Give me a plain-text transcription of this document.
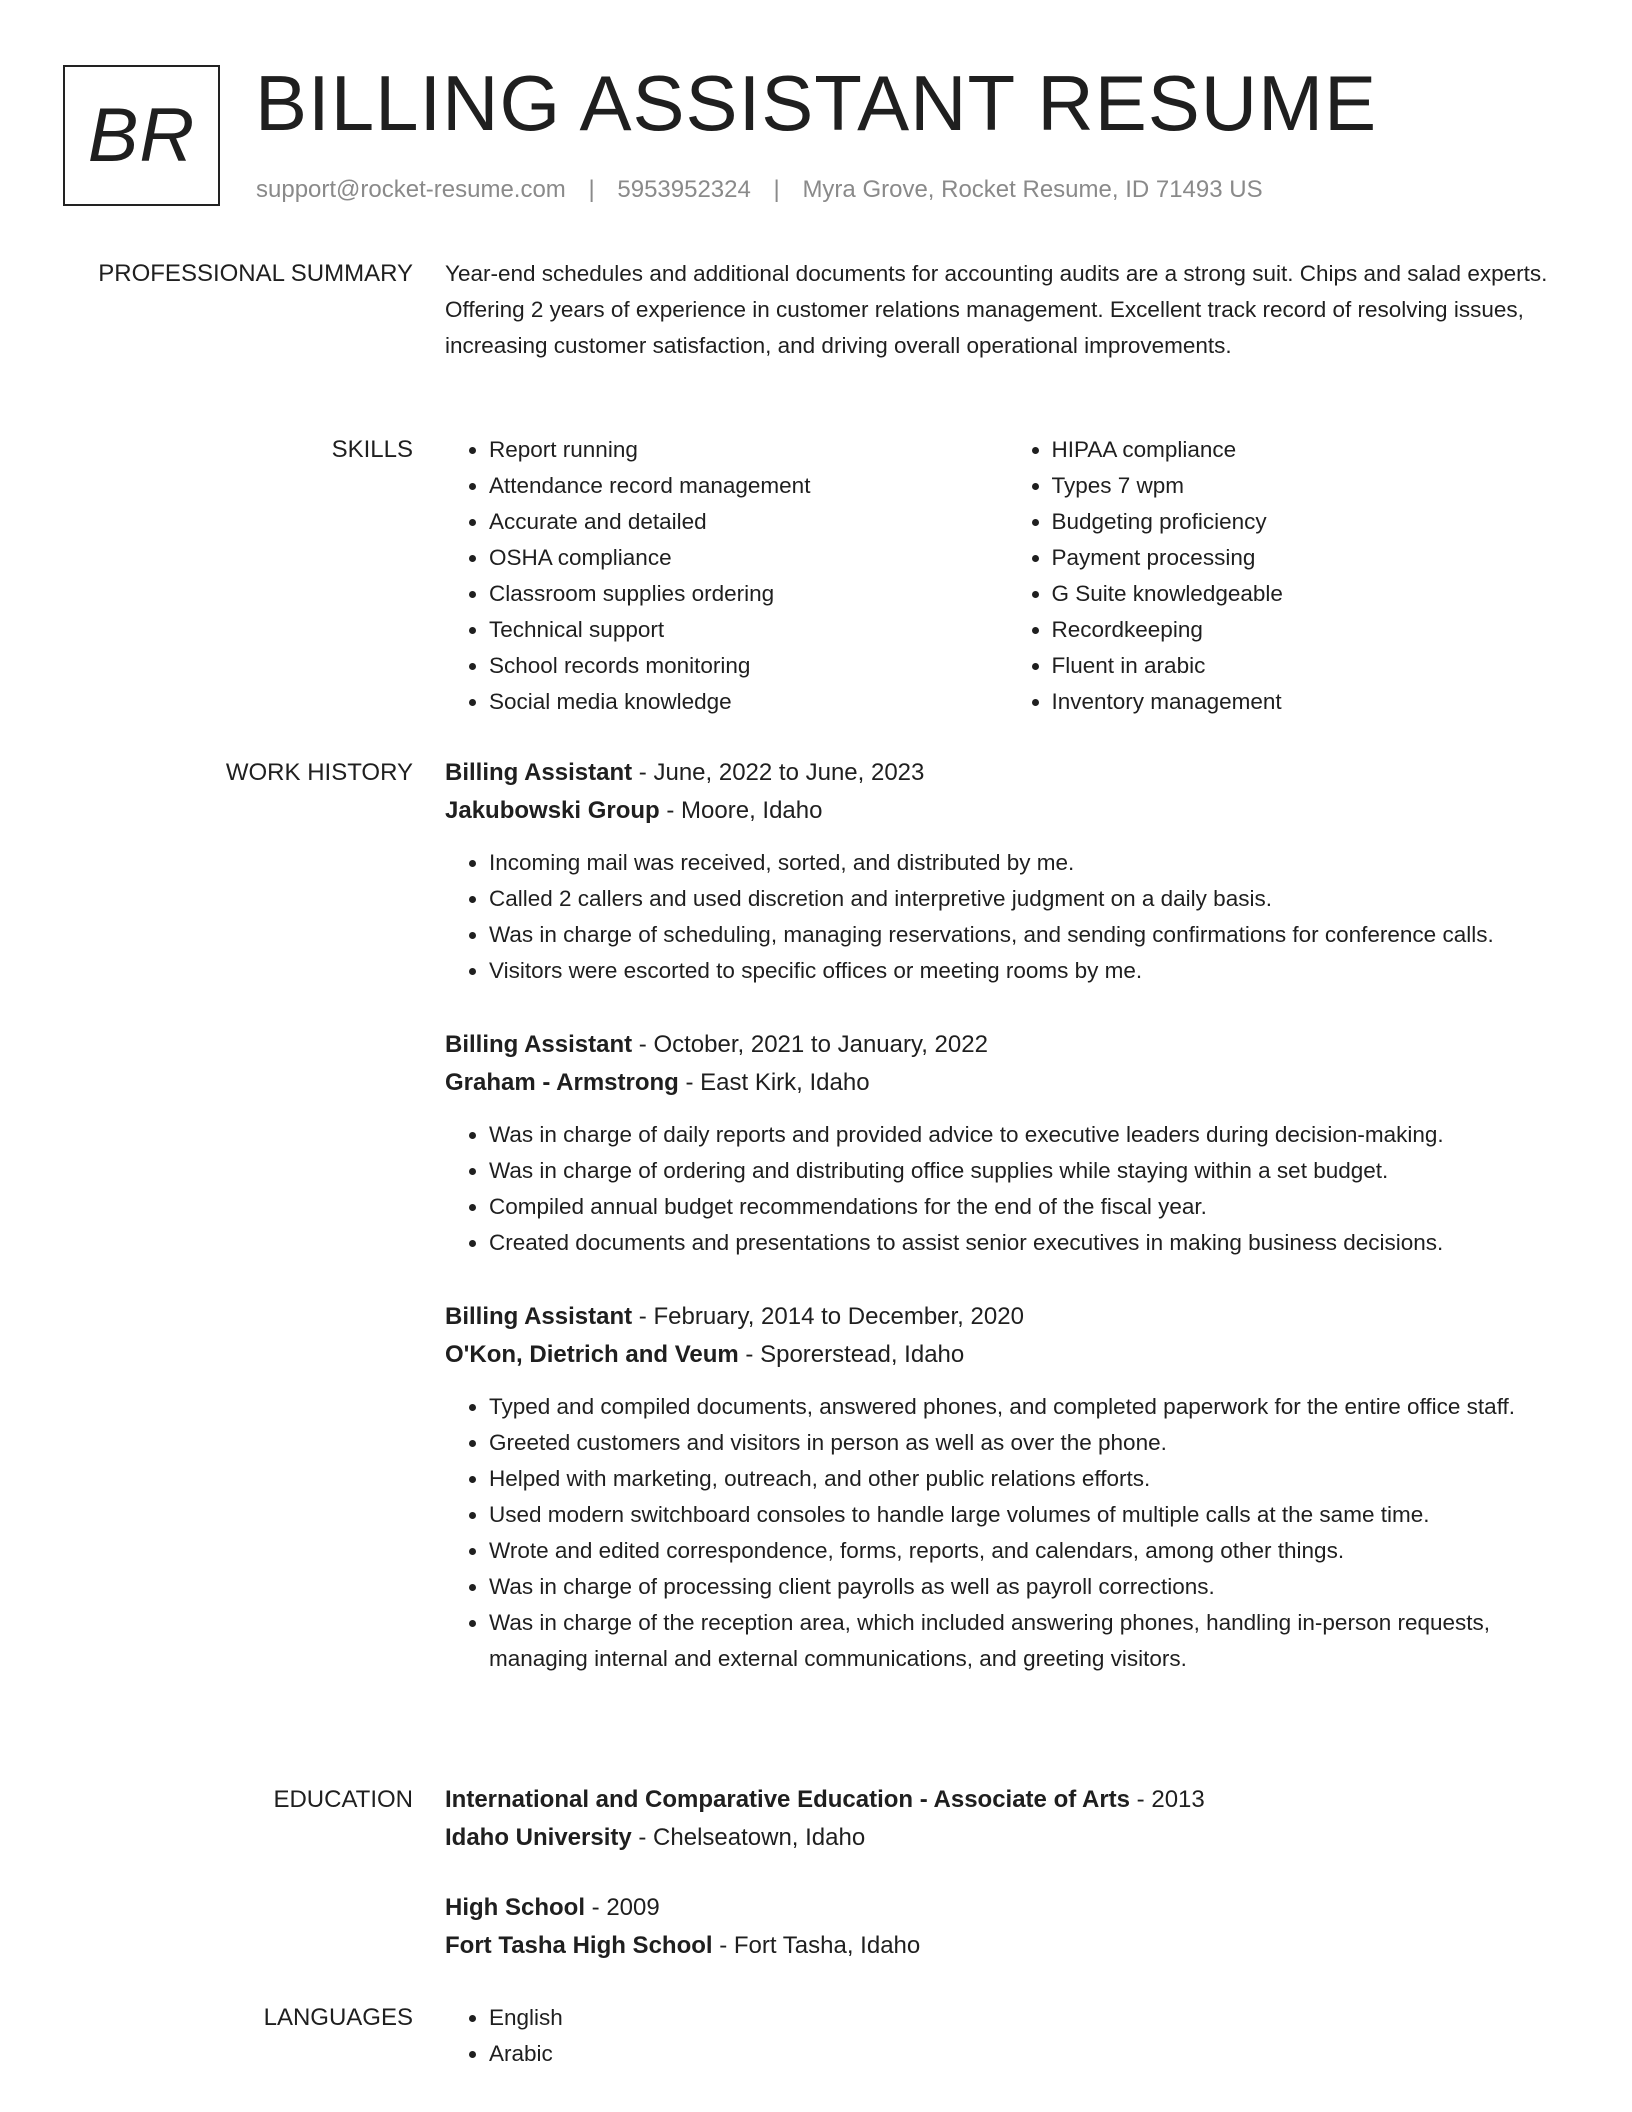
BR BILLING ASSISTANT RESUME
support@rocket-resume.com | 5953952324 | Myra Grove, Rocket Resume, ID 71493 US
PROFESSIONAL SUMMARY Year-end schedules and additional documents for accounting audits are a strong suit. Chips and salad experts. Offering 2 years of experience in customer relations management. Excellent track record of resolving issues, increasing customer satisfaction, and driving overall operational improvements.

SKILLS	• Report running
• Attendance record management
• Accurate and detailed
• OSHA compliance
• Classroom supplies ordering
• Technical support
• School records monitoring
• Social media knowledge
• HIPAA compliance
• Types 7 wpm
• Budgeting proficiency
• Payment processing
• G Suite knowledgeable
• Recordkeeping
• Fluent in arabic
• Inventory management
WORK HISTORY Billing Assistant - June, 2022 to June, 2023
Jakubowski Group - Moore, Idaho
• Incoming mail was received, sorted, and distributed by me.
• Called 2 callers and used discretion and interpretive judgment on a daily basis.
• Was in charge of scheduling, managing reservations, and sending confirmations for conference calls.
• Visitors were escorted to specific offices or meeting rooms by me.
Billing Assistant - October, 2021 to January, 2022
Graham - Armstrong - East Kirk, Idaho
• Was in charge of daily reports and provided advice to executive leaders during decision-making.
• Was in charge of ordering and distributing office supplies while staying within a set budget.
• Compiled annual budget recommendations for the end of the fiscal year.
• Created documents and presentations to assist senior executives in making business decisions.
Billing Assistant - February, 2014 to December, 2020
O'Kon, Dietrich and Veum - Sporerstead, Idaho
• Typed and compiled documents, answered phones, and completed paperwork for the entire office staff.
• Greeted customers and visitors in person as well as over the phone.
• Helped with marketing, outreach, and other public relations efforts.
• Used modern switchboard consoles to handle large volumes of multiple calls at the same time.
• Wrote and edited correspondence, forms, reports, and calendars, among other things.
• Was in charge of processing client payrolls as well as payroll corrections.
• Was in charge of the reception area, which included answering phones, handling in-person requests, managing internal and external communications, and greeting visitors.
EDUCATION International and Comparative Education - Associate of Arts - 2013
Idaho University - Chelseatown, Idaho
High School - 2009
Fort Tasha High School - Fort Tasha, Idaho
LANGUAGES	• English
• Arabic
